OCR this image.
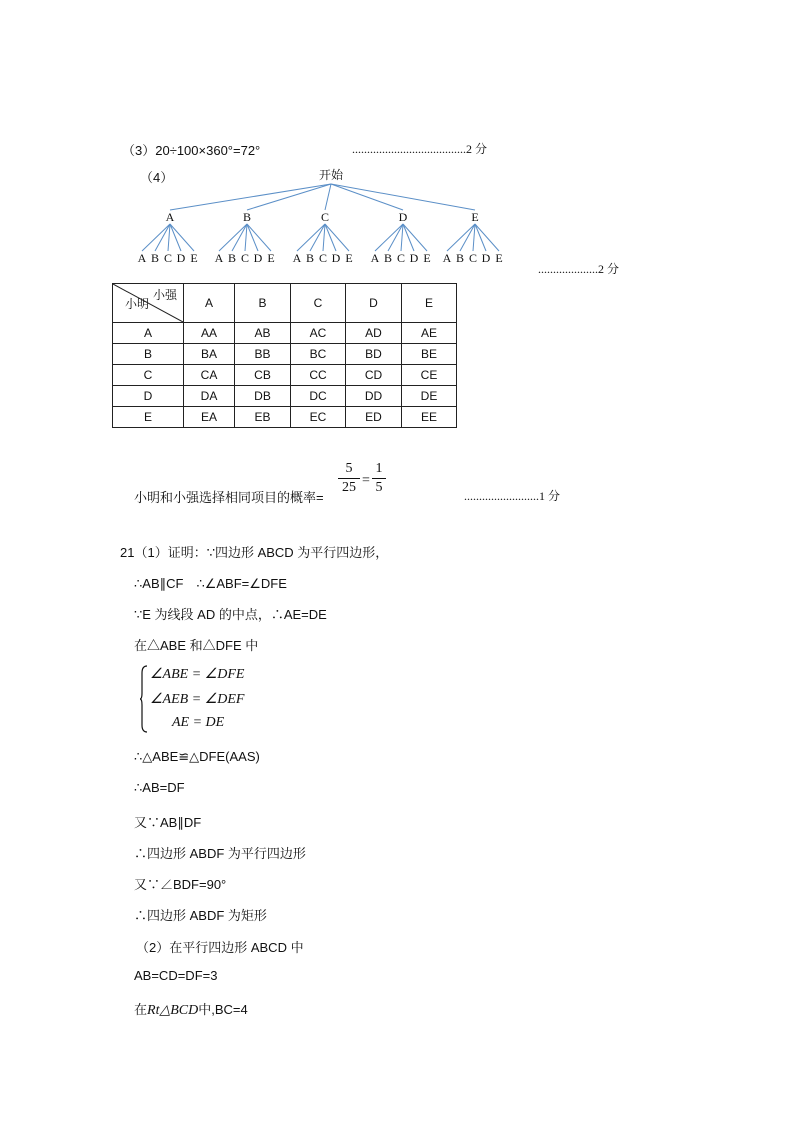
（3）20÷100×360°=72°	......................................2 分
（4）	开始
A
A B C D E
B
A B C D E
C
A B C D E
D
A B C D E
E
A B C D E
....................2 分
小强
小明	A	B	C	D	E
A	AA	AB	AC	AD	AE
B	BA	BB	BC	BD	BE
C	CA	CB	CC	CD	CE
D	DA	DB	DC	DD	DE
E	EA	EB	EC	ED	EE
小明和小强选择相同项目的概率=
5
25 =
1
5
.........................1 分
21（1）证明：∵四边形 ABCD 为平行四边形，
∴AB∥CF　∴∠ABF=∠DFE
∵E 为线段 AD 的中点，∴AE=DE
在△ABE 和△DFE 中
∠ABE = ∠DFE
∠AEB = ∠DEF
AE = DE
∴△ABE≌△DFE(AAS)
∴AB=DF
又∵AB∥DF
∴四边形 ABDF 为平行四边形
又∵∠BDF=90°
∴四边形 ABDF 为矩形
（2）在平行四边形 ABCD 中
AB=CD=DF=3
在Rt△BCD中,BC=4
